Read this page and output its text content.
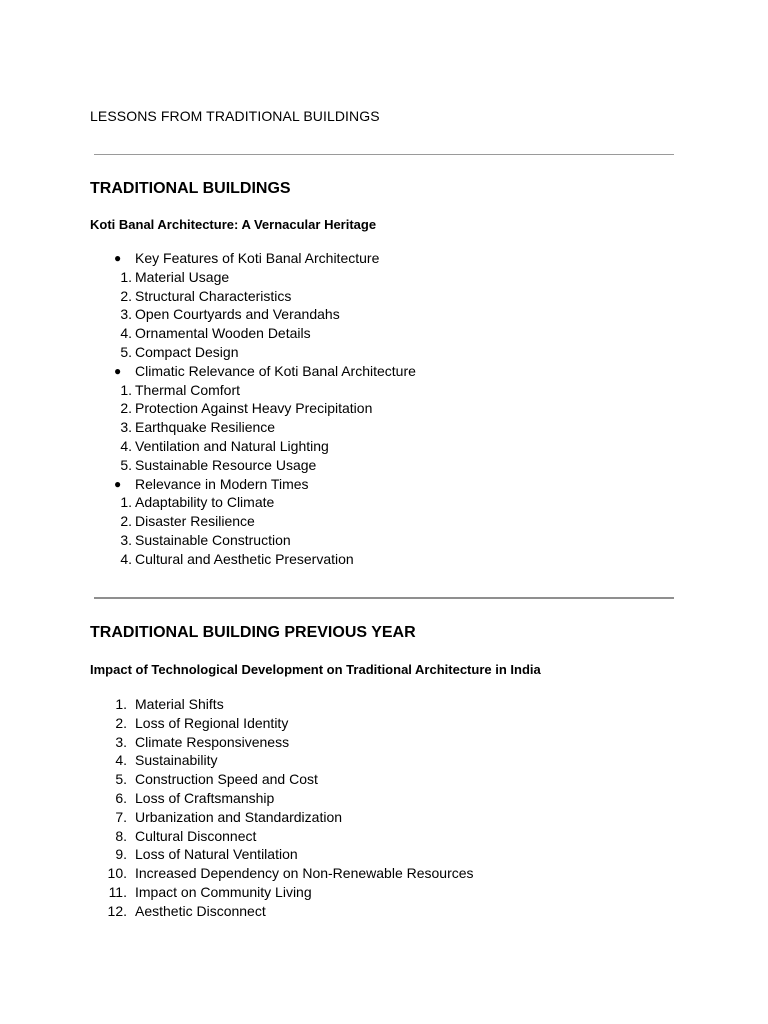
LESSONS FROM TRADITIONAL BUILDINGS
TRADITIONAL BUILDINGS
Koti Banal Architecture: A Vernacular Heritage
● Key Features of Koti Banal Architecture
1. Material Usage
2. Structural Characteristics
3. Open Courtyards and Verandahs
4. Ornamental Wooden Details
5. Compact Design
● Climatic Relevance of Koti Banal Architecture
1. Thermal Comfort
2. Protection Against Heavy Precipitation
3. Earthquake Resilience
4. Ventilation and Natural Lighting
5. Sustainable Resource Usage
● Relevance in Modern Times
1. Adaptability to Climate
2. Disaster Resilience
3. Sustainable Construction
4. Cultural and Aesthetic Preservation
TRADITIONAL BUILDING PREVIOUS YEAR
Impact of Technological Development on Traditional Architecture in India
1. Material Shifts
2. Loss of Regional Identity
3. Climate Responsiveness
4. Sustainability
5. Construction Speed and Cost
6. Loss of Craftsmanship
7. Urbanization and Standardization
8. Cultural Disconnect
9. Loss of Natural Ventilation
10. Increased Dependency on Non-Renewable Resources
11. Impact on Community Living
12. Aesthetic Disconnect
